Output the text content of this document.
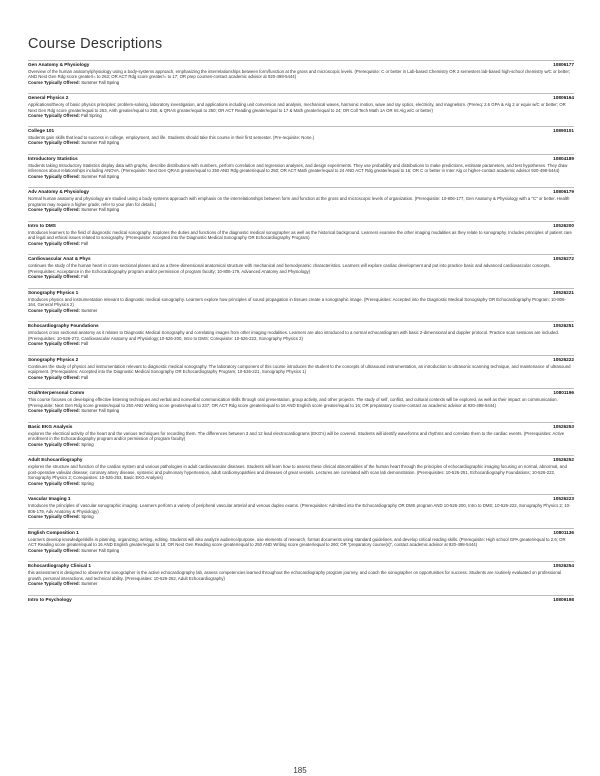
Course Descriptions
Gen Anatomy & Physiology	10806177
Overview of the human anatomy/physiology using a body-systems approach, emphasizing the interrelationships between form/function at the gross and microscopic levels. (Prerequisite: C or better in Lab-based Chemistry OR 2 semesters lab-based high-school chemistry w/C or better; AND Next Gen Rdg score greater/= to 263; OR ACT Rdg score greater/= to 17; OR prep courses-contact academic advisor at 920-498-5444)
Course Typically Offered: Summer Fall Spring
General Physics 2	10806164
Applications/theory of basic physics principles: problem-solving, laboratory investigation, and applications including unit conversion and analysis, mechanical waves, harmonic motion, wave and ray optics, electricity, and magnetism. (Prereq: 2.6 GPA & Alg 2 or equiv w/C or better; OR Next Gen Rdg score greater/equal to 263, Arith greater/equal to 250, & QRAS greater/equal to 250; OR ACT Reading greater/equal to 17 & Math greater/equal to 24; OR Coll Tech Math 1A OR Int Alg w/C or better)
Course Typically Offered: Fall Spring
College 101	10890101
Students gain skills that lead to success in college, employment, and life. Students should take this course in their first semester. (Pre-requisite: None.)
Course Typically Offered: Summer Fall Spring
Introductory Statistics	10804189
Students taking Introductory Statistics display data with graphs, describe distributions with numbers, perform correlation and regression analyses, and design experiments. They use probability and distributions to make predictions, estimate parameters, and test hypotheses. They draw inferences about relationships including ANOVA. (Prerequisite: Next Gen QRAS greater/equal to 250 AND Rdg greater/equal to 250; OR ACT Math greater/equal to 24 AND ACT Rdg greater/equal to 16; OR C or better in Inter Alg or higher-contact academic advisor 920-498-5444)
Course Typically Offered: Summer Fall Spring
Adv Anatomy & Physiology	10806179
Normal human anatomy and physiology are studied using a body systems approach with emphasis on the interrelationships between form and function at the gross and microscopic levels of organization. (Prerequisite: 10-806-177, Gen Anatomy & Physiology with a "C" or better. Health programs may require a higher grade; refer to your plan for details.)
Course Typically Offered: Summer Fall Spring
Intro to DMS	10526200
Introduces learners to the field of diagnostic medical sonography. Explores the duties and functions of the diagnostic medical sonographer as well as the historical background. Learners examine the other imaging modalities as they relate to sonography. Includes principles of patient care and legal and ethical issues related to sonography. (Prerequisite: Accepted into the Diagnostic Medical Sonography OR Echocardiography Program)
Course Typically Offered: Fall
Cardiovascular Anat & Phys	10526272
continues the study of the human heart in cross-sectional planes and as a three-dimensional anatomical structure with mechanical and hemodynamic characteristics. Learners will explore cardiac development and put into practice basic and advanced cardiovascular concepts. (Prerequisites: Acceptance in the Echocardiography program and/or permission of program faculty; 10-806-179, Advanced Anatomy and Physiology)
Course Typically Offered: Fall
Sonography Physics 1	10526221
Introduces physics and instrumentation relevant to diagnostic medical sonography. Learners explore how principles of sound propagation in tissues create a sonographic image. (Prerequisites: Accepted into the Diagnostic Medical Sonography OR Echocardiography Program; 10-806-164, General Physics 2)
Course Typically Offered: Summer
Echocardiography Foundations	10526251
introduces cross sectional anatomy as it relates to Diagnostic Medical Sonography and correlating images from other imaging modalities. Learners are also introduced to a normal echocardiogram with basic 2-dimensional and doppler protocol. Practice scan sessions are included. (Prerequisites: 10-526-272, Cardiovascular Anatomy and Physiology;10-526-200, Intro to DMS; Corequisite: 10-526-222, Sonography Physics 2)
Course Typically Offered: Fall
Sonography Physics 2	10526222
Continues the study of physics and instrumentation relevant to diagnostic medical sonography. The laboratory component of this course introduces the student to the concepts of ultrasound instrumentation, an introduction to ultrasonic scanning technique, and maintenance of ultrasound equipment. (Prerequisites: Accepted into the Diagnostic Medical Sonography OR Echocardiography Program; 10-526-221, Sonography Physics 1)
Course Typically Offered: Fall
Oral/Interpersonal Comm	10801196
This course focuses on developing effective listening techniques and verbal and nonverbal communication skills through oral presentation, group activity, and other projects. The study of self, conflict, and cultural contexts will be explored, as well as their impact on communication. (Prerequisite: Next Gen Rdg score greater/equal to 250 AND Writing score greater/equal to 237; OR ACT Rdg score greater/equal to 16 AND English score greater/equal to 16; OR preparatory course-contact an academic advisor at 920-498-5444)
Course Typically Offered: Summer Fall Spring
Basic EKG Analysis	10526253
explores the electrical activity of the heart and the various techniques for recording them. The differences between 3 and 12 lead electrocardiograms (EKG's) will be covered. Students will identify waveforms and rhythms and correlate them to the cardiac events. (Prerequisites: Active enrollment in the Echocardiography program and/or permission of program faculty)
Course Typically Offered: Spring
Adult Echocardiography	10526252
explores the structure and function of the cardiac system and various pathologies in adult cardiovascular diseases. Students will learn how to assess these clinical abnormalities of the human heart through the principles of echocardiographic imaging focusing on normal, abnormal, and post-operative valvular disease; coronary artery disease, systemic and pulmonary hypertension, adult cardiomyopathies and diseases of great vessels. Lectures are correlated with scan lab demonstration. (Prerequisites: 10-526-251, Echocardiography Foundations; 10-526-222, Sonography Physics 2; Corequisites: 10-526-253, Basic EKG Analysis)
Course Typically Offered: Spring
Vascular Imaging 1	10526223
Introduces the principles of vascular sonographic imaging. Learners perform a variety of peripheral vascular arterial and venous duplex exams. (Prerequisites: Admitted into the Echocardiography OR DMS program AND 10-526-200, Intro to DMS; 10-526-222, Sonography Physics 2; 10-806-179, Adv Anatomy & Physiology)
Course Typically Offered: Spring
English Composition 1	10801136
Learners develop knowledge/skills in planning, organizing, writing, editing. Students will also analyze audience/purpose, use elements of research, format documents using standard guidelines, and develop critical reading skills. (Prerequisite: High school GPA greater/equal to 2.6; OR ACT Reading score greater/equal to 16 AND English greater/equal to 18; OR Next Gen Reading score greater/equal to 250 AND Writing score greater/equal to 260; OR "preparatory course(s)", contact academic advisor at 920-498-5444)
Course Typically Offered: Summer Fall Spring
Echocardiography Clinical 1	10526254
this assessment is designed to observe the sonographer in the active echocardiography lab, assess competencies learned throughout the echocardiography program journey, and coach the sonographer on opportunities for success. Students are routinely evaluated on professional growth, personal interactions, and technical ability. (Prerequisites: 10-526-252, Adult Echocardiography)
Course Typically Offered: Summer
Intro to Psychology	10809198
185
